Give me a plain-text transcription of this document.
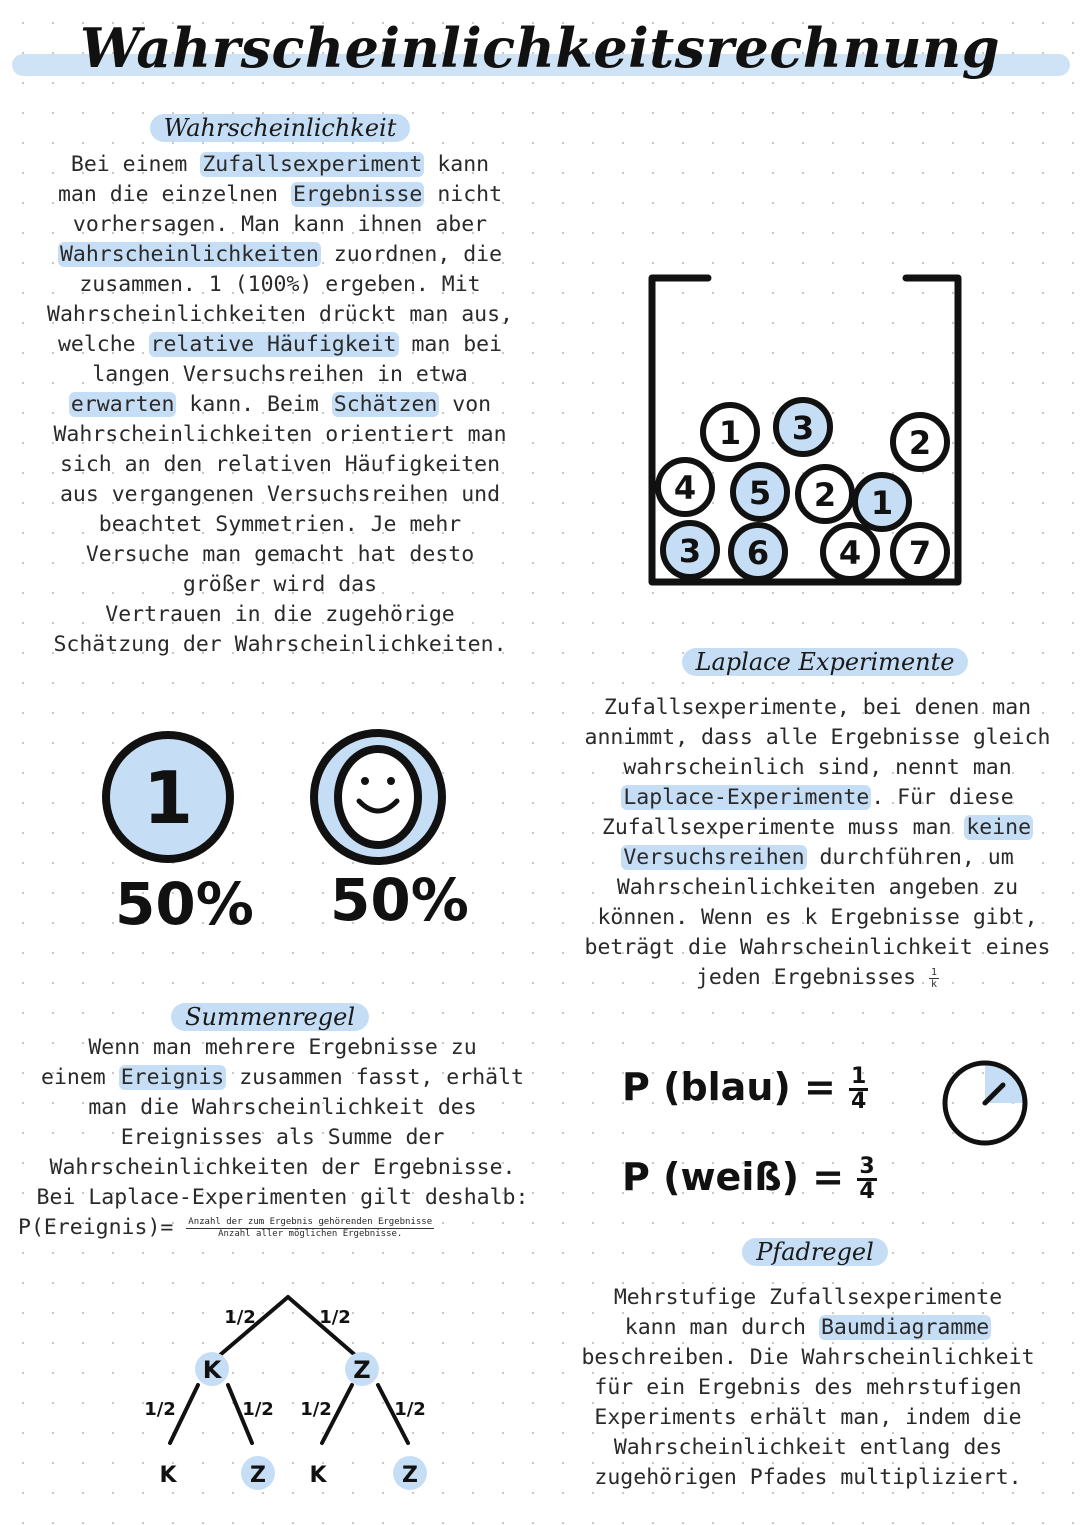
Wahrscheinlichkeitsrechnung
Wahrscheinlichkeit
Bei einem Zufallsexperiment kann
man die einzelnen Ergebnisse nicht
vorhersagen. Man kann ihnen aber
Wahrscheinlichkeiten zuordnen, die
zusammen. 1 (100%) ergeben. Mit
Wahrscheinlichkeiten drückt man aus,
welche relative Häufigkeit man bei
langen Versuchsreihen in etwa
erwarten kann. Beim Schätzen von
Wahrscheinlichkeiten orientiert man
sich an den relativen Häufigkeiten
aus vergangenen Versuchsreihen und
beachtet Symmetrien. Je mehr
Versuche man gemacht hat desto
größer wird das
Vertrauen in die zugehörige
Schätzung der Wahrscheinlichkeiten.
1 3	2
4 5 2 1
3 6 4 7
1
50% 50%
Laplace Experimente
Zufallsexperimente, bei denen man
annimmt, dass alle Ergebnisse gleich
wahrscheinlich sind, nennt man
Laplace-Experimente. Für diese
Zufallsexperimente muss man keine
Versuchsreihen durchführen, um
Wahrscheinlichkeiten angeben zu
können. Wenn es k Ergebnisse gibt,
beträgt die Wahrscheinlichkeit eines
jeden Ergebnisses $\frac{1}{k}$
Summenregel
Wenn man mehrere Ergebnisse zu
einem Ereignis zusammen fasst, erhält
man die Wahrscheinlichkeit des
Ereignisses als Summe der
Wahrscheinlichkeiten der Ergebnisse.
Bei Laplace-Experimenten gilt deshalb:
P(Ereignis)= $\frac{\text{Anzahl der zum Ergebnis gehörenden Ergebnisse}}{\text{Anzahl aller möglichen Ergebnisse.}}$
P (blau) = $\frac{1}{4}$
P (weiß) = $\frac{3}{4}$
K	Z
K	Z K	Z
1/2	1/2
1/2	1/2 1/2	1/2
Pfadregel
Mehrstufige Zufallsexperimente
kann man durch Baumdiagramme
beschreiben. Die Wahrscheinlichkeit
für ein Ergebnis des mehrstufigen
Experiments erhält man, indem die
Wahrscheinlichkeit entlang des
zugehörigen Pfades multipliziert.
